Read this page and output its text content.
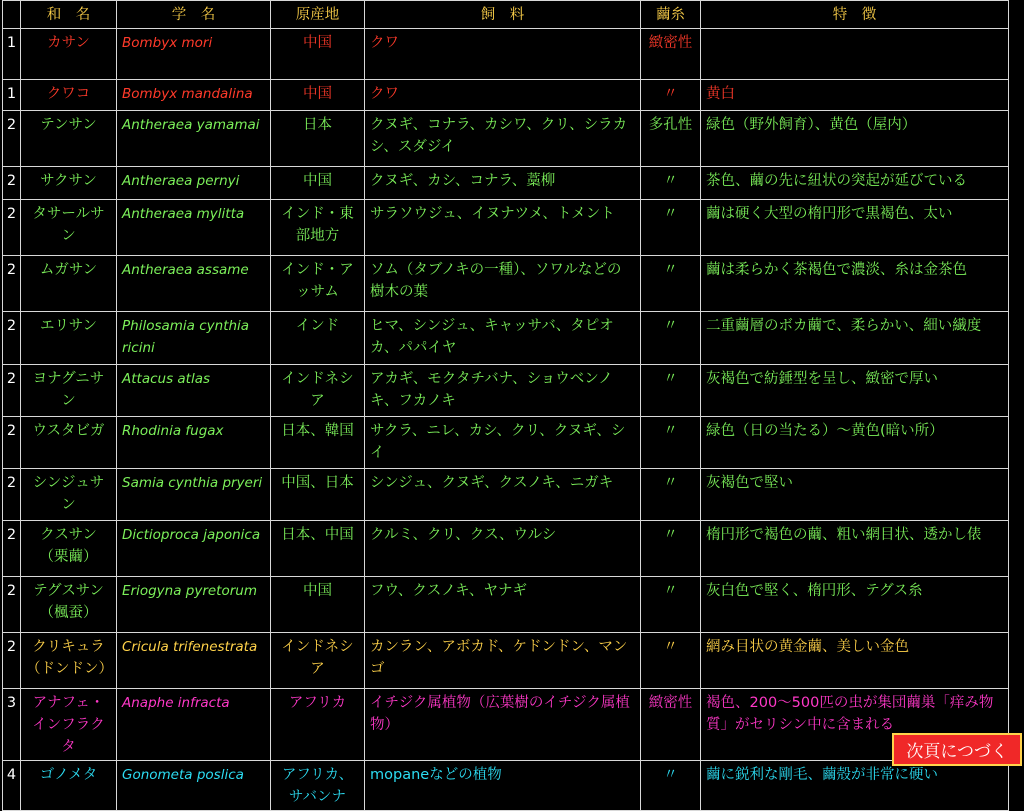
	和　名	学　名	原産地	飼　料	繭糸	特　徴
1	カサン	Bombyx mori	中国	クワ	緻密性	
1	クワコ	Bombyx mandalina	中国	クワ	〃	黄白
2	テンサン	Antheraea yamamai	日本	クヌギ、コナラ、カシワ、クリ、シラカシ、スダジイ	多孔性	緑色（野外飼育）、黄色（屋内）
2	サクサン	Antheraea pernyi	中国	クヌギ、カシ、コナラ、藁柳	〃	茶色、繭の先に紐状の突起が延びている
2	タサールサン	Antheraea mylitta	インド・東部地方	サラソウジュ、イヌナツメ、トメント	〃	繭は硬く大型の楕円形で黒褐色、太い
2	ムガサン	Antheraea assame	インド・アッサム	ソム（タブノキの一種）、ソワルなどの樹木の葉	〃	繭は柔らかく茶褐色で濃淡、糸は金茶色
2	エリサン	Philosamia cynthia ricini	インド	ヒマ、シンジュ、キャッサバ、タピオカ、パパイヤ	〃	二重繭層のボカ繭で、柔らかい、細い繊度
2	ヨナグニサン	Attacus atlas	インドネシア	アカギ、モクタチバナ、ショウベンノキ、フカノキ	〃	灰褐色で紡錘型を呈し、緻密で厚い
2	ウスタビガ	Rhodinia fugax	日本、韓国	サクラ、ニレ、カシ、クリ、クヌギ、シイ	〃	緑色（日の当たる）～黄色(暗い所）
2	シンジュサン	Samia cynthia pryeri	中国、日本	シンジュ、クヌギ、クスノキ、ニガキ	〃	灰褐色で堅い
2	クスサン（栗繭）	Dictioproca japonica	日本、中国	クルミ、クリ、クス、ウルシ	〃	楕円形で褐色の繭、粗い網目状、透かし俵
2	テグスサン（楓蚕）	Eriogyna pyretorum	中国	フウ、クスノキ、ヤナギ	〃	灰白色で堅く、楕円形、テグス糸
2	クリキュラ（ドンドン）	Cricula trifenestrata	インドネシア	カンラン、アボカド、ケドンドン、マンゴ	〃	網み目状の黄金繭、美しい金色
3	アナフェ・インフラクタ	Anaphe infracta	アフリカ	イチジク属植物（広葉樹のイチジク属植物）	緻密性	褐色、200～500匹の虫が集団繭巣「痒み物質」がセリシン中に含まれる
4	ゴノメタ	Gonometa poslica	アフリカ、サバンナ	mopaneなどの植物	〃	繭に鋭利な剛毛、繭殻が非常に硬い
次頁につづく
